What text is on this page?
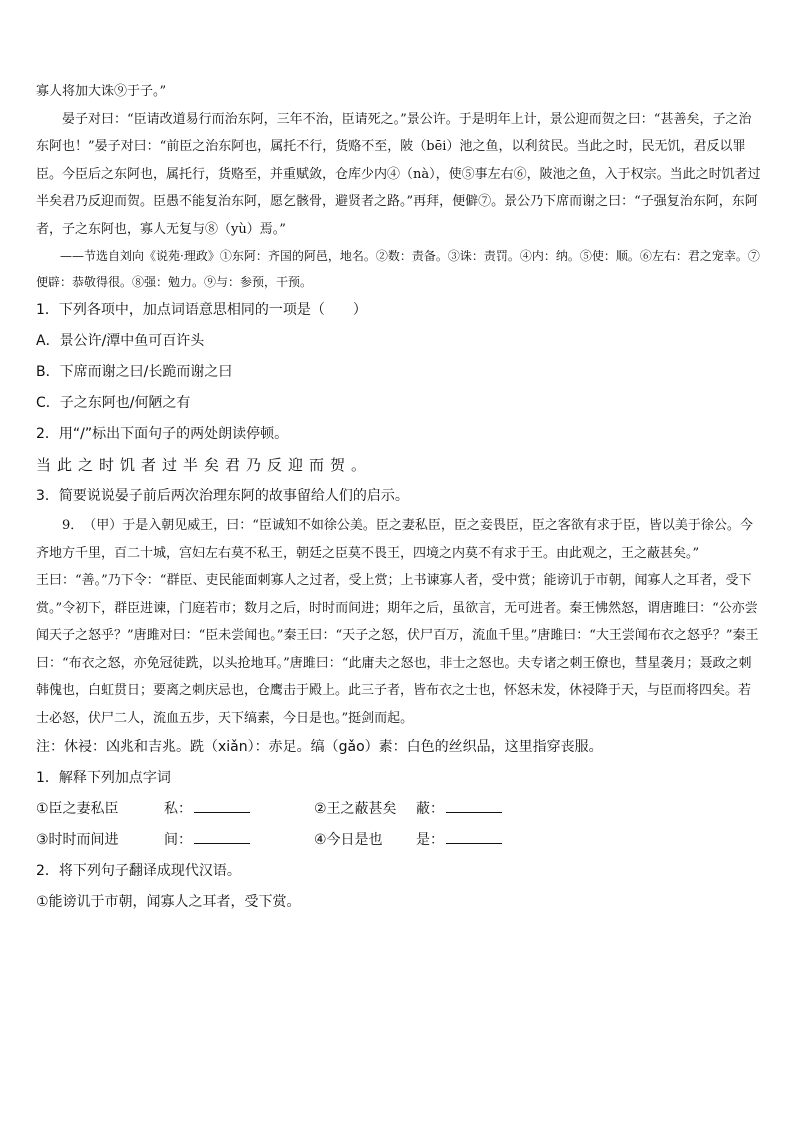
寡人将加大诛⑨于子。”

晏子对曰：“臣请改道易行而治东阿，三年不治，臣请死之。”景公许。于是明年上计，景公迎而贺之曰：“甚善矣，子之治东阿也！”晏子对曰：“前臣之治东阿也，属托不行，货赂不至，陂（bēi）池之鱼，以利贫民。当此之时，民无饥，君反以罪臣。今臣后之东阿也，属托行，货赂至，并重赋敛，仓库少内④（nà），使⑤事左右⑥，陂池之鱼，入于权宗。当此之时饥者过半矣君乃反迎而贺。臣愚不能复治东阿，愿乞骸骨，避贤者之路。”再拜，便僻⑦。景公乃下席而谢之曰：“子强复治东阿，东阿者，子之东阿也，寡人无复与⑧（yù）焉。”

——节选自刘向《说苑·理政》①东阿：齐国的阿邑，地名。②数：责备。③诛：责罚。④内：纳。⑤使：顺。⑥左右：君之宠幸。⑦便辟：恭敬得很。⑧强：勉力。⑨与：参预，干预。

1．下列各项中，加点词语意思相同的一项是（　　）

A．景公许/潭中鱼可百许头

B．下席而谢之曰/长跪而谢之曰

C．子之东阿也/何陋之有

2．用“/”标出下面句子的两处朗读停顿。

当此之时饥者过半矣君乃反迎而贺。

3．简要说说晏子前后两次治理东阿的故事留给人们的启示。

9．　（甲）于是入朝见威王，曰：“臣诚知不如徐公美。臣之妻私臣，臣之妾畏臣，臣之客欲有求于臣，皆以美于徐公。今齐地方千里，百二十城，宫妇左右莫不私王，朝廷之臣莫不畏王，四境之内莫不有求于王。由此观之，王之蔽甚矣。”

王曰：“善。”乃下令：“群臣、吏民能面刺寡人之过者，受上赏；上书谏寡人者，受中赏；能谤讥于市朝，闻寡人之耳者，受下赏。”令初下，群臣进谏，门庭若市；数月之后，时时而间进；期年之后，虽欲言，无可进者。秦王怫然怒，谓唐雎曰：“公亦尝闻天子之怒乎？”唐雎对曰：“臣未尝闻也。”秦王曰：“天子之怒，伏尸百万，流血千里。”唐雎曰：“大王尝闻布衣之怒乎？”秦王曰：“布衣之怒，亦免冠徒跣，以头抢地耳。”唐雎曰：“此庸夫之怒也，非士之怒也。夫专诸之刺王僚也，彗星袭月；聂政之刺韩傀也，白虹贯日；要离之刺庆忌也，仓鹰击于殿上。此三子者，皆布衣之士也，怀怒未发，休祲降于天，与臣而将四矣。若士必怒，伏尸二人，流血五步，天下缟素，今日是也。”挺剑而起。

注：休祲：凶兆和吉兆。跣（xiǎn）：赤足。缟（gǎo）素：白色的丝织品，这里指穿丧服。

1．解释下列加点字词

①臣之妻私臣	私：	②王之蔽甚矣	蔽：
③时时而间进	间：	④今日是也	是：

2．将下列句子翻译成现代汉语。

①能谤讥于市朝，闻寡人之耳者，受下赏。
